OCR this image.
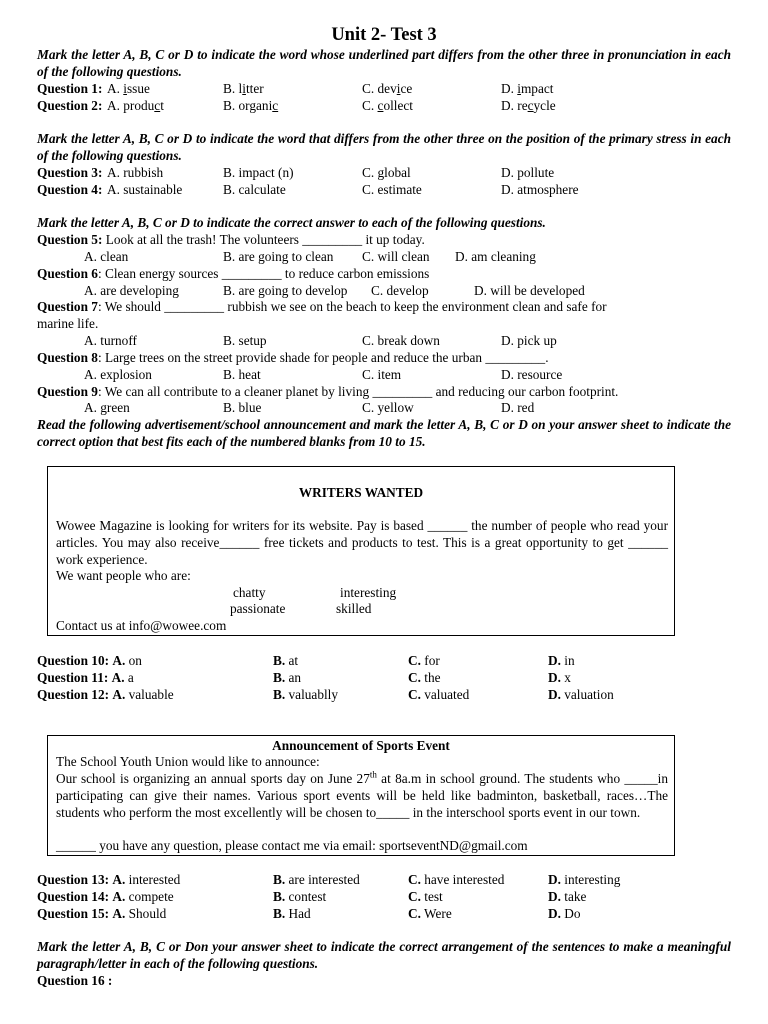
Unit 2- Test 3
Mark the letter A, B, C or D to indicate the word whose underlined part differs from the other three in pronunciation in each of the following questions.
Question 1: A. issue	B. litter	C. device	D. impact
Question 2: A. product	B. organic	C. collect	D. recycle
Mark the letter A, B, C or D to indicate the word that differs from the other three on the position of the primary stress in each of the following questions.
Question 3: A. rubbish	B. impact (n)	C. global	D. pollute
Question 4: A. sustainable	B. calculate	C. estimate	D. atmosphere
Mark the letter A, B, C or D to indicate the correct answer to each of the following questions.
Question 5: Look at all the trash! The volunteers _________ it up today.
A. clean	B. are going to clean C. will clean D. am cleaning
Question 6: Clean energy sources _________ to reduce carbon emissions
A. are developing	B. are going to develop C. develop	D. will be developed
Question 7: We should _________ rubbish we see on the beach to keep the environment clean and safe for
marine life.
A. turnoff	B. setup	C. break down	D. pick up
Question 8: Large trees on the street provide shade for people and reduce the urban _________.
A. explosion	B. heat	C. item	D. resource
Question 9: We can all contribute to a cleaner planet by living _________ and reducing our carbon footprint.
A. green	B. blue	C. yellow	D. red
Read the following advertisement/school announcement and mark the letter A, B, C or D on your answer sheet to indicate the correct option that best fits each of the numbered blanks from 10 to 15.
WRITERS WANTED
Wowee Magazine is looking for writers for its website. Pay is based ______ the number of people who read your articles. You may also receive______ free tickets and products to test. This is a great opportunity to get ______ work experience.
We want people who are:
chatty	interesting
passionate	skilled
Contact us at info@wowee.com
Question 10: A. on	B. at	C. for	D. in
Question 11: A. a	B. an	C. the	D. x
Question 12: A. valuable	B. valuablly	C. valuated	D. valuation
Announcement of Sports Event
The School Youth Union would like to announce:
Our school is organizing an annual sports day on June 27th at 8a.m in school ground. The students who _____in participating can give their names. Various sport events will be held like badminton, basketball, races…The students who perform the most excellently will be chosen to_____ in the interschool sports event in our town.
______ you have any question, please contact me via email: sportseventND@gmail.com
Question 13: A. interested	B. are interested	C. have interested	D. interesting
Question 14: A. compete	B. contest	C. test	D. take
Question 15: A. Should	B. Had	C. Were	D. Do
Mark the letter A, B, C or Don your answer sheet to indicate the correct arrangement of the sentences to make a meaningful paragraph/letter in each of the following questions.
Question 16 :
